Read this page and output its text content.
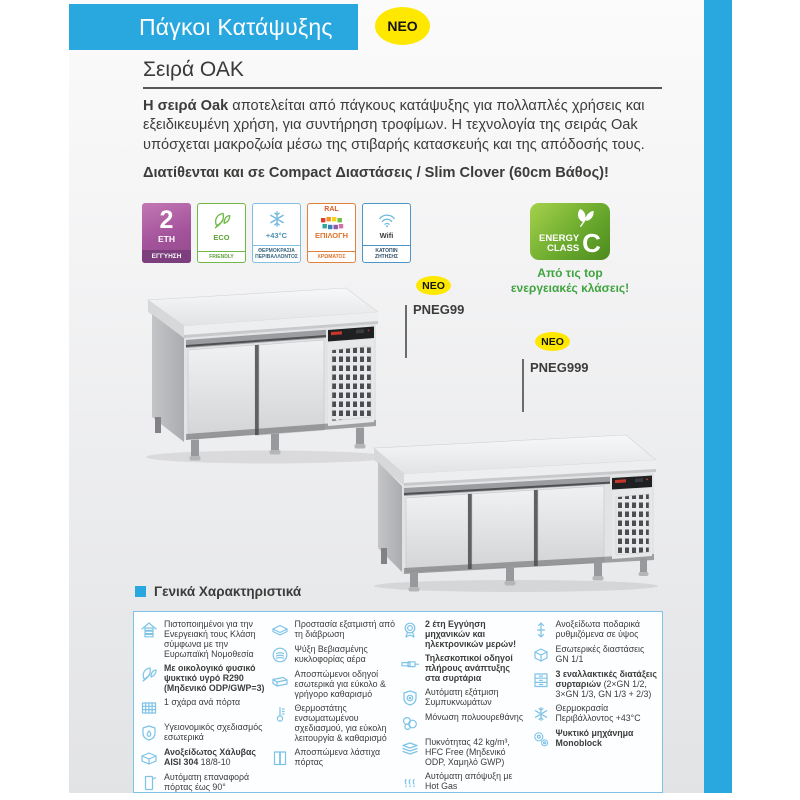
Πάγκοι Κατάψυξης	NEO
Σειρά ΟΑΚ
Η σειρά Oak αποτελείται από πάγκους κατάψυξης για πολλαπλές χρήσεις και εξειδικευμένη χρήση, για συντήρηση τροφίμων. Η τεχνολογία της σειράς Oak υπόσχεται μακροζωία μέσω της στιβαρής κατασκευής και της απόδοσής τους.
Διατίθενται και σε Compact Διαστάσεις / Slim Clover (60cm Βάθος)!
2
ΕΤΗ
ΕΓΓΥΗΣΗ
ECO
FRIENDLY
+43°C
ΘΕΡΜΟΚΡΑΣΙΑ ΠΕΡΙΒΑΛΛΟΝΤΟΣ
RAL
ΕΠΙΛΟΓΗ
ΧΡΩΜΑΤΟΣ
Wifi
ΚΑΤΟΠΙΝ ΖΗΤΗΣΗΣ
ENERGY
CLASS C
Από τις top
ενεργειακές κλάσεις!
NEO
PNEG99
NEO
PNEG999
Γενικά Χαρακτηριστικά
Πιστοποιημένοι για την Ενεργειακή τους Κλάση σύμφωνα με την Ευρωπαϊκή Νομοθεσία
Με οικολογικό φυσικό ψυκτικό υγρό R290 (Μηδενικό ODP/GWP=3)
1 σχάρα ανά πόρτα
Υγειονομικός σχεδιασμός εσωτερικά
Ανοξείδωτος Χάλυβας AISI 304 18/8-10
Αυτόματη επαναφορά πόρτας έως 90°
Προστασία εξατμιστή από τη διάβρωση
Ψύξη Βεβιασμένης κυκλοφορίας αέρα
Αποσπώμενοι οδηγοί εσωτερικά για εύκολο & γρήγορο καθαρισμό
Θερμοστάτης ενσωματωμένου σχεδιασμού, για εύκολη λειτουργία & καθαρισμό
Αποσπώμενα λάστιχα πόρτας
2 έτη Εγγύηση μηχανικών και ηλεκτρονικών μερών!
Τηλεσκοπικοί οδηγοί πλήρους ανάπτυξης στα συρτάρια
Αυτόματη εξάτμιση Συμπυκνωμάτων
Μόνωση πολυουρεθάνης
Πυκνότητας 42 kg/m³, HFC Free (Μηδενικό ODP, Χαμηλό GWP)
Αυτόματη απόψυξη με Hot Gas
Ανοξείδωτα ποδαρικά ρυθμιζόμενα σε ύψος
Εσωτερικές διαστάσεις GN 1/1
3 εναλλακτικές διατάξεις συρταριών (2×GN 1/2, 3×GN 1/3, GN 1/3 + 2/3)
Θερμοκρασία Περιβάλλοντος +43°C
Ψυκτικό μηχάνημα Monoblock
